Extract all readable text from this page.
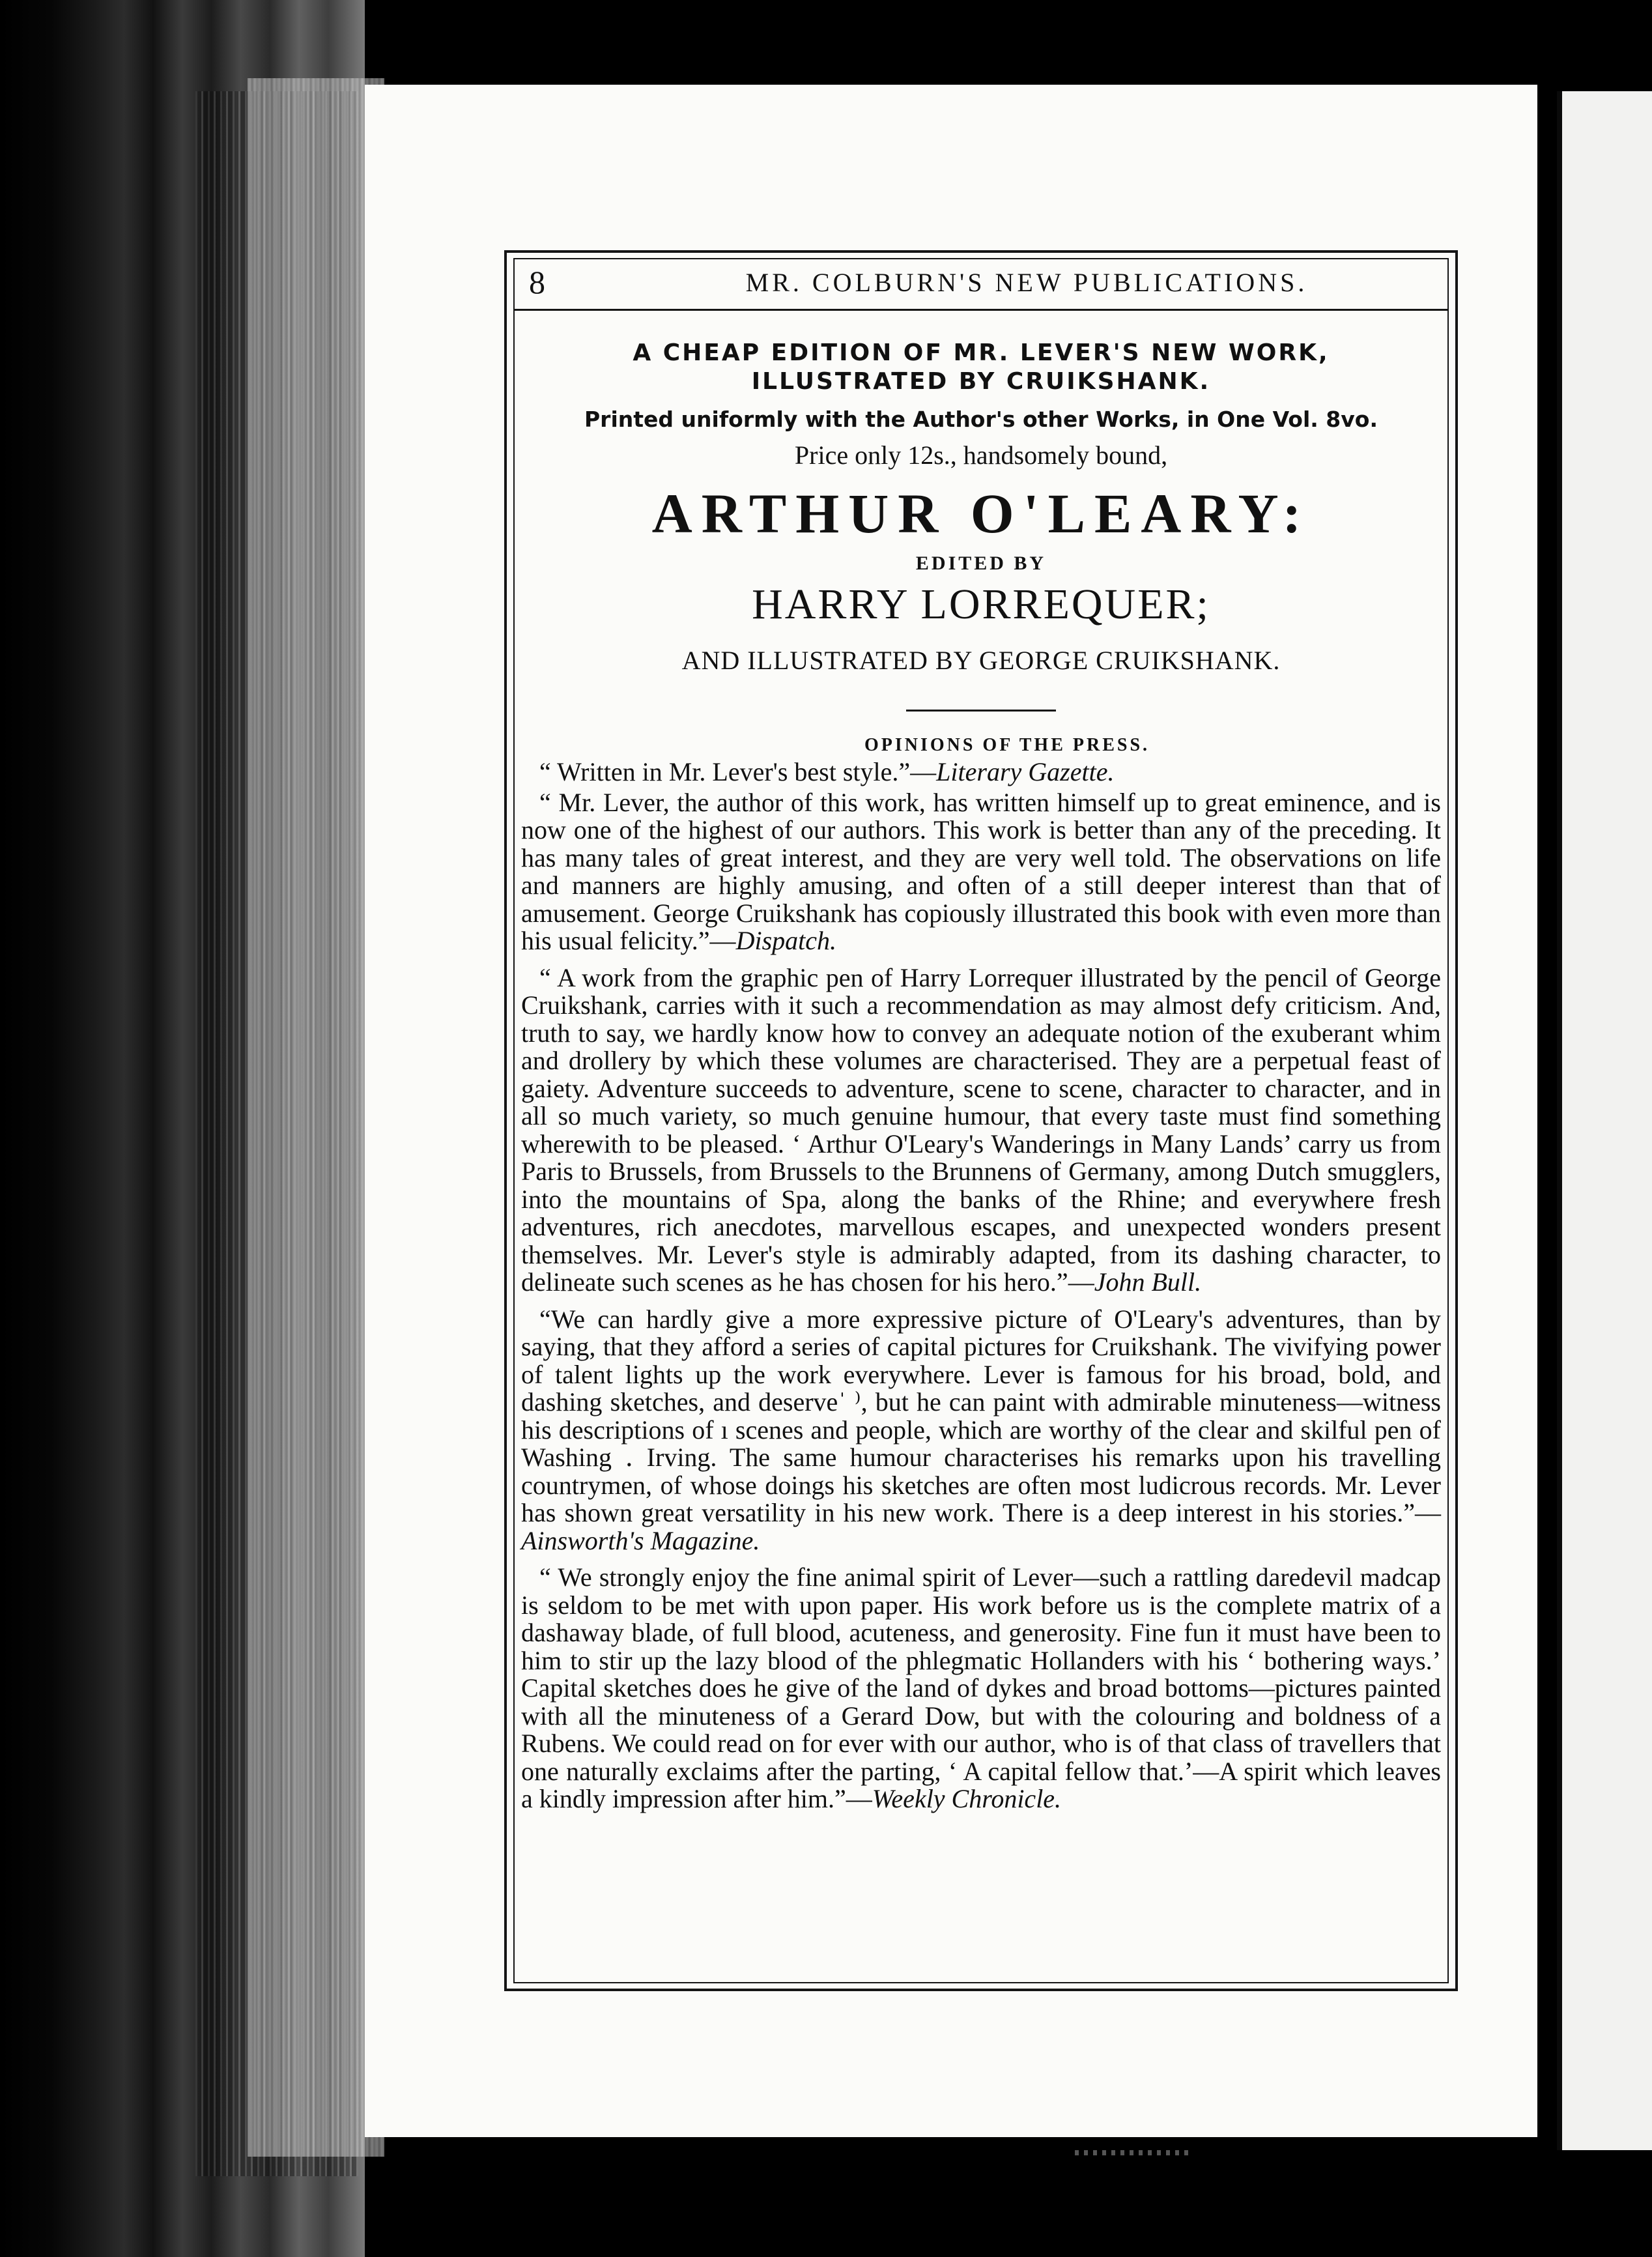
8	MR. COLBURN'S NEW PUBLICATIONS.
A CHEAP EDITION OF MR. LEVER'S NEW WORK,
ILLUSTRATED BY CRUIKSHANK.
Printed uniformly with the Author's other Works, in One Vol. 8vo.
Price only 12s., handsomely bound,
ARTHUR O'LEARY:
EDITED BY
HARRY LORREQUER;
AND ILLUSTRATED BY GEORGE CRUIKSHANK.
OPINIONS OF THE PRESS.

“ Written in Mr. Lever's best style.”—Literary Gazette.

“ Mr. Lever, the author of this work, has written himself up to great eminence, and is now one of the highest of our authors. This work is better than any of the preceding. It has many tales of great interest, and they are very well told. The observations on life and manners are highly amusing, and often of a still deeper interest than that of amusement. George Cruikshank has copiously illustrated this book with even more than his usual felicity.”—Dispatch.

“ A work from the graphic pen of Harry Lorrequer illustrated by the pencil of George Cruikshank, carries with it such a recommendation as may almost defy criticism. And, truth to say, we hardly know how to convey an adequate notion of the exuberant whim and drollery by which these volumes are characterised. They are a perpetual feast of gaiety. Adventure succeeds to adventure, scene to scene, character to character, and in all so much variety, so much genuine humour, that every taste must find something wherewith to be pleased. ‘ Arthur O'Leary's Wanderings in Many Lands’ carry us from Paris to Brussels, from Brussels to the Brunnens of Germany, among Dutch smugglers, into the mountains of Spa, along the banks of the Rhine; and everywhere fresh adventures, rich anecdotes, marvellous escapes, and unexpected wonders present themselves. Mr. Lever's style is admirably adapted, from its dashing character, to delineate such scenes as he has chosen for his hero.”—John Bull.

“We can hardly give a more expressive picture of O'Leary's adventures, than by saying, that they afford a series of capital pictures for Cruikshank. The vivifying power of talent lights up the work everywhere. Lever is famous for his broad, bold, and dashing sketches, and deserveˈ ⁾, but he can paint with admirable minuteness—witness his descriptions of ı scenes and people, which are worthy of the clear and skilful pen of Washing ․ Irving. The same humour characterises his remarks upon his travelling countrymen, of whose doings his sketches are often most ludicrous records. Mr. Lever has shown great versatility in his new work. There is a deep interest in his stories.”—Ainsworth's Magazine.

“ We strongly enjoy the fine animal spirit of Lever—such a rattling daredevil madcap is seldom to be met with upon paper. His work before us is the complete matrix of a dashaway blade, of full blood, acuteness, and generosity. Fine fun it must have been to him to stir up the lazy blood of the phlegmatic Hollanders with his ‘ bothering ways.’ Capital sketches does he give of the land of dykes and broad bottoms—pictures painted with all the minuteness of a Gerard Dow, but with the colouring and boldness of a Rubens. We could read on for ever with our author, who is of that class of travellers that one naturally exclaims after the parting, ‘ A capital fellow that.’—A spirit which leaves a kindly impression after him.”—Weekly Chronicle.
